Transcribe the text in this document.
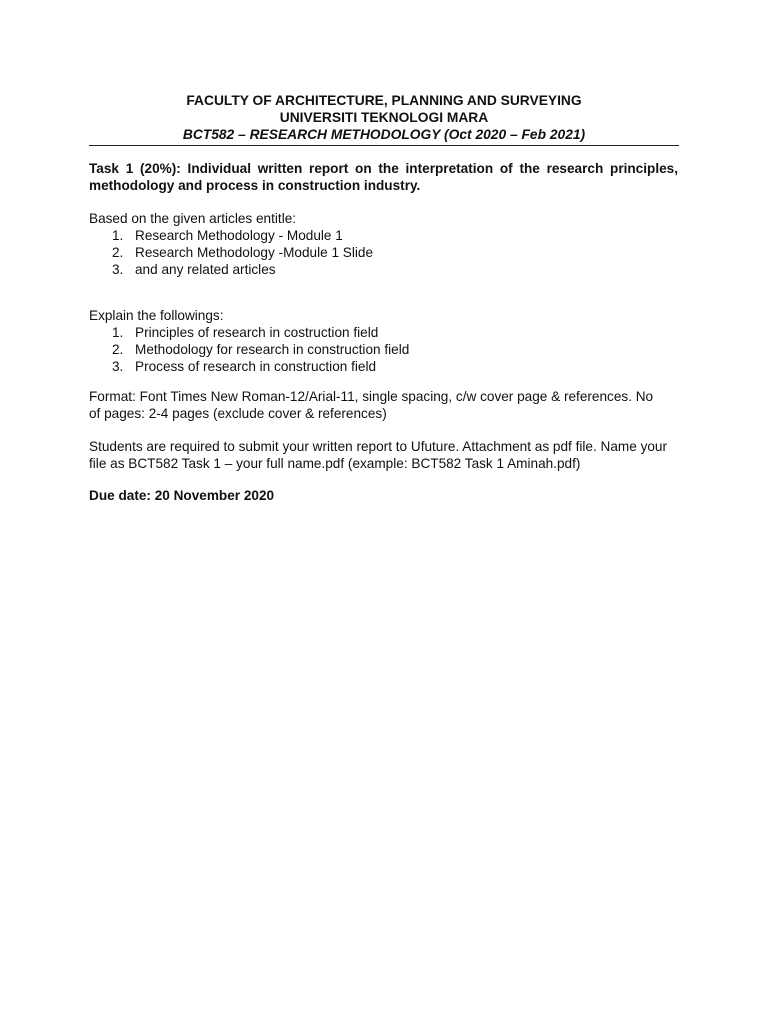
FACULTY OF ARCHITECTURE, PLANNING AND SURVEYING
UNIVERSITI TEKNOLOGI MARA
BCT582 – RESEARCH METHODOLOGY (Oct 2020 – Feb 2021)

Task 1 (20%): Individual written report on the interpretation of the research principles, methodology and process in construction industry.

Based on the given articles entitle:

1. Research Methodology - Module 1
2. Research Methodology -Module 1 Slide
3. and any related articles

Explain the followings:

1. Principles of research in costruction field
2. Methodology for research in construction field
3. Process of research in construction field

Format: Font Times New Roman-12/Arial-11, single spacing, c/w cover page & references. No

of pages: 2-4 pages (exclude cover & references)

Students are required to submit your written report to Ufuture. Attachment as pdf file. Name your

file as BCT582 Task 1 – your full name.pdf (example: BCT582 Task 1 Aminah.pdf)

Due date: 20 November 2020
